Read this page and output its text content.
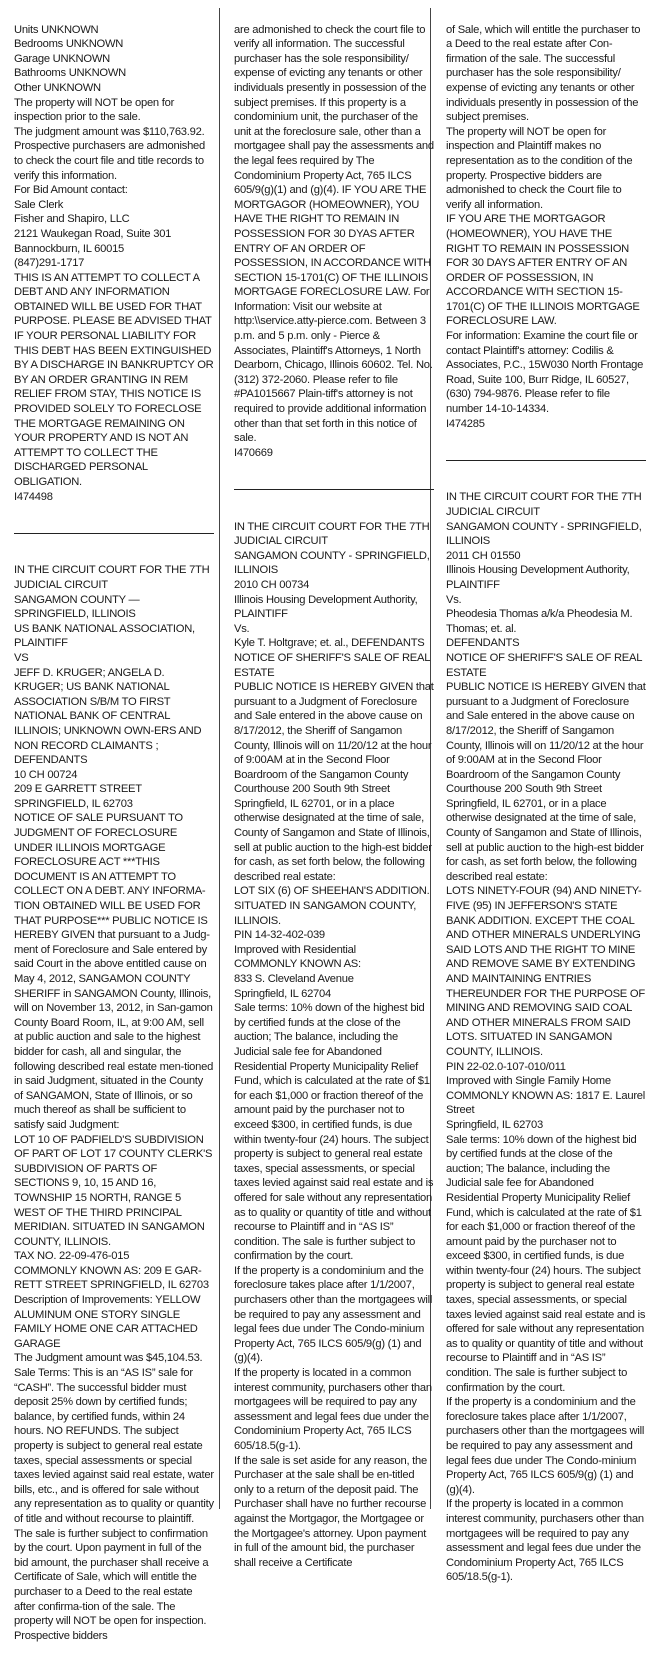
Units UNKNOWN
Bedrooms UNKNOWN
Garage UNKNOWN
Bathrooms UNKNOWN
Other UNKNOWN
The property will NOT be open for inspection prior to the sale.
The judgment amount was $110,763.92. Prospective purchasers are admonished to check the court file and title records to verify this information.
For Bid Amount contact:
Sale Clerk
Fisher and Shapiro, LLC
2121 Waukegan Road, Suite 301
Bannockburn, IL 60015
(847)291-1717
THIS IS AN ATTEMPT TO COLLECT A DEBT AND ANY INFORMATION OBTAINED WILL BE USED FOR THAT PURPOSE. PLEASE BE ADVISED THAT IF YOUR PERSONAL LIABILITY FOR THIS DEBT HAS BEEN EXTINGUISHED BY A DISCHARGE IN BANKRUPTCY OR BY AN ORDER GRANTING IN REM RELIEF FROM STAY, THIS NOTICE IS PROVIDED SOLELY TO FORECLOSE THE MORTGAGE REMAINING ON YOUR PROPERTY AND IS NOT AN ATTEMPT TO COLLECT THE DISCHARGED PERSONAL OBLIGATION.
I474498

IN THE CIRCUIT COURT FOR THE 7TH JUDICIAL CIRCUIT
SANGAMON COUNTY — SPRINGFIELD, ILLINOIS
US BANK NATIONAL ASSOCIATION, PLAINTIFF
VS
JEFF D. KRUGER; ANGELA D. KRUGER; US BANK NATIONAL ASSOCIATION S/B/M TO FIRST NATIONAL BANK OF CENTRAL ILLINOIS; UNKNOWN OWN-ERS AND NON RECORD CLAIMANTS ; DEFENDANTS
10 CH 00724
209 E GARRETT STREET SPRINGFIELD, IL 62703
NOTICE OF SALE PURSUANT TO JUDGMENT OF FORECLOSURE UNDER ILLINOIS MORTGAGE FORECLOSURE ACT ***THIS DOCUMENT IS AN ATTEMPT TO COLLECT ON A DEBT. ANY INFORMA-TION OBTAINED WILL BE USED FOR THAT PURPOSE*** PUBLIC NOTICE IS HEREBY GIVEN that pursuant to a Judg-ment of Foreclosure and Sale entered by said Court in the above entitled cause on May 4, 2012, SANGAMON COUNTY SHERIFF in SANGAMON County, Illinois, will on November 13, 2012, in San-gamon County Board Room, IL, at 9:00 AM, sell at public auction and sale to the highest bidder for cash, all and singular, the following described real estate men-tioned in said Judgment, situated in the County of SANGAMON, State of Illinois, or so much thereof as shall be sufficient to satisfy said Judgment:
LOT 10 OF PADFIELD'S SUBDIVISION OF PART OF LOT 17 COUNTY CLERK'S SUBDIVISION OF PARTS OF SECTIONS 9, 10, 15 AND 16, TOWNSHIP 15 NORTH, RANGE 5 WEST OF THE THIRD PRINCIPAL MERIDIAN. SITUATED IN SANGAMON COUNTY, ILLINOIS.
TAX NO. 22-09-476-015
COMMONLY KNOWN AS: 209 E GAR-RETT STREET SPRINGFIELD, IL 62703
Description of Improvements: YELLOW ALUMINUM ONE STORY SINGLE FAMILY HOME ONE CAR ATTACHED GARAGE
The Judgment amount was $45,104.53.
Sale Terms: This is an “AS IS” sale for “CASH”. The successful bidder must deposit 25% down by certified funds; balance, by certified funds, within 24 hours. NO REFUNDS. The subject property is subject to general real estate taxes, special assessments or special taxes levied against said real estate, water bills, etc., and is offered for sale without any representation as to quality or quantity of title and without recourse to plaintiff. The sale is further subject to confirmation by the court. Upon payment in full of the bid amount, the purchaser shall receive a Certificate of Sale, which will entitle the purchaser to a Deed to the real estate after confirma-tion of the sale. The property will NOT be open for inspection. Prospective bidders

are admonished to check the court file to verify all information. The successful purchaser has the sole responsibility/ expense of evicting any tenants or other individuals presently in possession of the subject premises. If this property is a condominium unit, the purchaser of the unit at the foreclosure sale, other than a mortgagee shall pay the assessments and the legal fees required by The Condominium Property Act, 765 ILCS 605/9(g)(1) and (g)(4). IF YOU ARE THE MORTGAGOR (HOMEOWNER), YOU HAVE THE RIGHT TO REMAIN IN POSSESSION FOR 30 DYAS AFTER ENTRY OF AN ORDER OF POSSESSION, IN ACCORDANCE WITH SECTION 15-1701(C) OF THE ILLINOIS MORTGAGE FORECLOSURE LAW. For Information: Visit our website at http:\\service.atty-pierce.com. Between 3 p.m. and 5 p.m. only - Pierce & Associates, Plaintiff's Attorneys, 1 North Dearborn, Chicago, Illinois 60602. Tel. No. (312) 372-2060. Please refer to file #PA1015667 Plain-tiff's attorney is not required to provide additional information other than that set forth in this notice of sale.
I470669

IN THE CIRCUIT COURT FOR THE 7TH JUDICIAL CIRCUIT
SANGAMON COUNTY - SPRINGFIELD, ILLINOIS
2010 CH 00734
Illinois Housing Development Authority, PLAINTIFF
Vs.
Kyle T. Holtgrave; et. al., DEFENDANTS
NOTICE OF SHERIFF'S SALE OF REAL ESTATE
PUBLIC NOTICE IS HEREBY GIVEN that pursuant to a Judgment of Foreclosure and Sale entered in the above cause on 8/17/2012, the Sheriff of Sangamon County, Illinois will on 11/20/12 at the hour of 9:00AM at in the Second Floor Boardroom of the Sangamon County Courthouse 200 South 9th Street Springfield, IL 62701, or in a place otherwise designated at the time of sale, County of Sangamon and State of Illinois, sell at public auction to the high-est bidder for cash, as set forth below, the following described real estate:
LOT SIX (6) OF SHEEHAN'S ADDITION. SITUATED IN SANGAMON COUNTY, ILLINOIS.
PIN 14-32-402-039
Improved with Residential
COMMONLY KNOWN AS:
833 S. Cleveland Avenue
Springfield, IL 62704
Sale terms: 10% down of the highest bid by certified funds at the close of the auction; The balance, including the Judicial sale fee for Abandoned Residential Property Municipality Relief Fund, which is calculated at the rate of $1 for each $1,000 or fraction thereof of the amount paid by the purchaser not to exceed $300, in certified funds, is due within twenty-four (24) hours. The subject property is subject to general real estate taxes, special assessments, or special taxes levied against said real estate and is offered for sale without any representation as to quality or quantity of title and without recourse to Plaintiff and in “AS IS” condition. The sale is further subject to confirmation by the court.
If the property is a condominium and the foreclosure takes place after 1/1/2007, purchasers other than the mortgagees will be required to pay any assessment and legal fees due under The Condo-minium Property Act, 765 ILCS 605/9(g) (1) and (g)(4).
If the property is located in a common interest community, purchasers other than mortgagees will be required to pay any assessment and legal fees due under the Condominium Property Act, 765 ILCS 605/18.5(g-1).
If the sale is set aside for any reason, the Purchaser at the sale shall be en-titled only to a return of the deposit paid. The Purchaser shall have no further recourse against the Mortgagor, the Mortgagee or the Mortgagee's attorney. Upon payment in full of the amount bid, the purchaser shall receive a Certificate

of Sale, which will entitle the purchaser to a Deed to the real estate after Con-firmation of the sale. The successful purchaser has the sole responsibility/ expense of evicting any tenants or other individuals presently in possession of the subject premises.
The property will NOT be open for inspection and Plaintiff makes no representation as to the condition of the property. Prospective bidders are admonished to check the Court file to verify all information.
IF YOU ARE THE MORTGAGOR (HOMEOWNER), YOU HAVE THE RIGHT TO REMAIN IN POSSESSION FOR 30 DAYS AFTER ENTRY OF AN ORDER OF POSSESSION, IN ACCORDANCE WITH SECTION 15-1701(C) OF THE ILLINOIS MORTGAGE FORECLOSURE LAW.
For information: Examine the court file or contact Plaintiff's attorney: Codilis & Associates, P.C., 15W030 North Frontage Road, Suite 100, Burr Ridge, IL 60527, (630) 794-9876. Please refer to file number 14-10-14334.
I474285

IN THE CIRCUIT COURT FOR THE 7TH JUDICIAL CIRCUIT
SANGAMON COUNTY - SPRINGFIELD, ILLINOIS
2011 CH 01550
Illinois Housing Development Authority, PLAINTIFF
Vs.
Pheodesia Thomas a/k/a Pheodesia M. Thomas; et. al.
DEFENDANTS
NOTICE OF SHERIFF'S SALE OF REAL ESTATE
PUBLIC NOTICE IS HEREBY GIVEN that pursuant to a Judgment of Foreclosure and Sale entered in the above cause on 8/17/2012, the Sheriff of Sangamon County, Illinois will on 11/20/12 at the hour of 9:00AM at in the Second Floor Boardroom of the Sangamon County Courthouse 200 South 9th Street Springfield, IL 62701, or in a place otherwise designated at the time of sale, County of Sangamon and State of Illinois, sell at public auction to the high-est bidder for cash, as set forth below, the following described real estate:
LOTS NINETY-FOUR (94) AND NINETY-FIVE (95) IN JEFFERSON'S STATE BANK ADDITION. EXCEPT THE COAL AND OTHER MINERALS UNDERLYING SAID LOTS AND THE RIGHT TO MINE AND REMOVE SAME BY EXTENDING AND MAINTAINING ENTRIES THEREUNDER FOR THE PURPOSE OF MINING AND REMOVING SAID COAL AND OTHER MINERALS FROM SAID LOTS. SITUATED IN SANGAMON COUNTY, ILLINOIS.
PIN 22-02.0-107-010/011
Improved with Single Family Home
COMMONLY KNOWN AS: 1817 E. Laurel Street
Springfield, IL 62703
Sale terms: 10% down of the highest bid by certified funds at the close of the auction; The balance, including the Judicial sale fee for Abandoned Residential Property Municipality Relief Fund, which is calculated at the rate of $1 for each $1,000 or fraction thereof of the amount paid by the purchaser not to exceed $300, in certified funds, is due within twenty-four (24) hours. The subject property is subject to general real estate taxes, special assessments, or special taxes levied against said real estate and is offered for sale without any representation as to quality or quantity of title and without recourse to Plaintiff and in “AS IS” condition. The sale is further subject to confirmation by the court.
If the property is a condominium and the foreclosure takes place after 1/1/2007, purchasers other than the mortgagees will be required to pay any assessment and legal fees due under The Condo-minium Property Act, 765 ILCS 605/9(g) (1) and (g)(4).
If the property is located in a common interest community, purchasers other than mortgagees will be required to pay any assessment and legal fees due under the Condominium Property Act, 765 ILCS 605/18.5(g-1).
